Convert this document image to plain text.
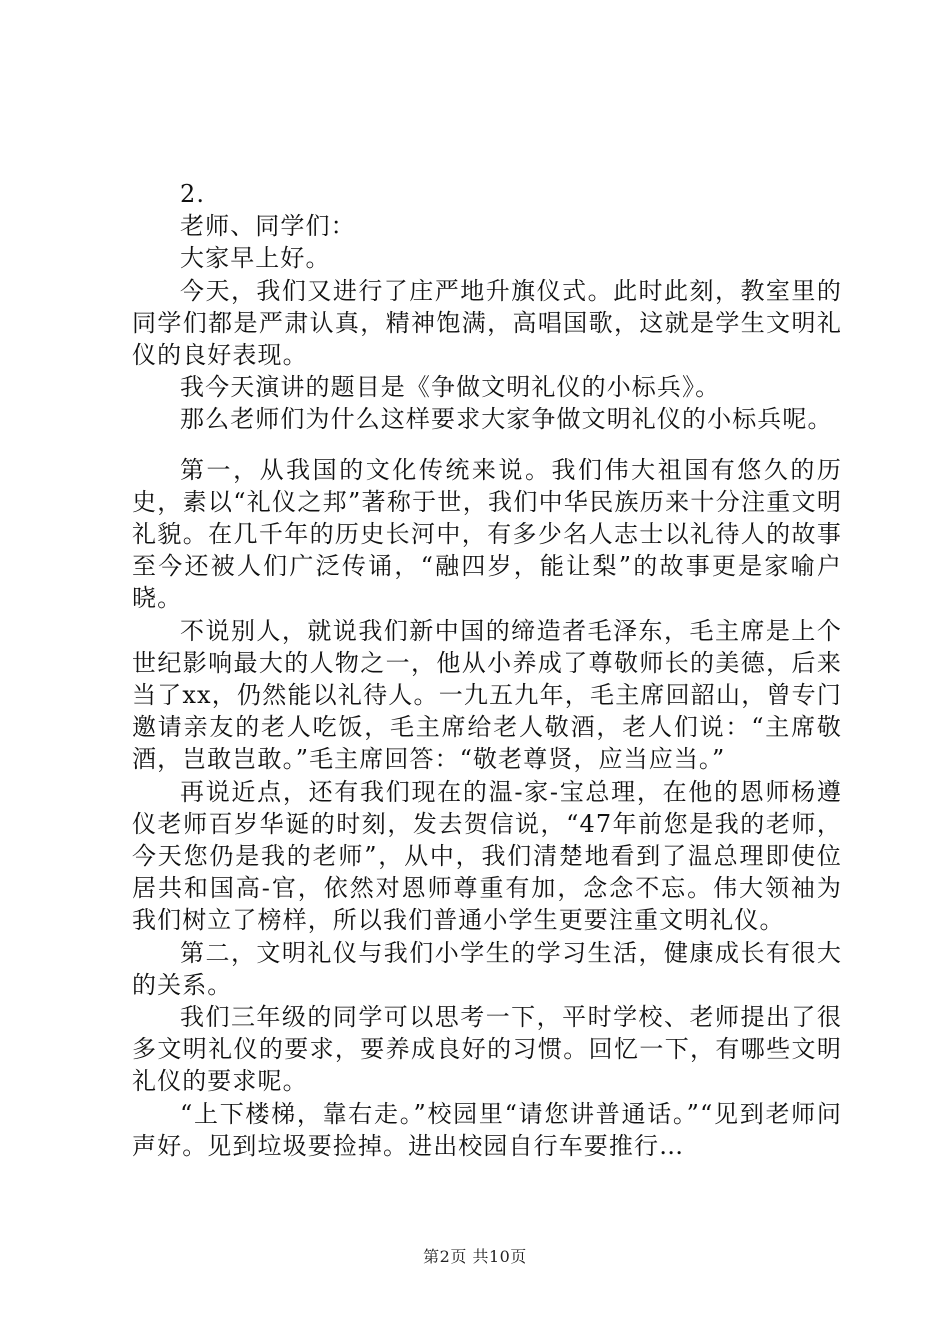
2.

老师、同学们：

大家早上好。

今天，我们又进行了庄严地升旗仪式。此时此刻，教室里的同学们都是严肃认真，精神饱满，高唱国歌，这就是学生文明礼仪的良好表现。

我今天演讲的题目是《争做文明礼仪的小标兵》。

那么老师们为什么这样要求大家争做文明礼仪的小标兵呢。

第一，从我国的文化传统来说。我们伟大祖国有悠久的历史，素以“礼仪之邦”著称于世，我们中华民族历来十分注重文明礼貌。在几千年的历史长河中，有多少名人志士以礼待人的故事至今还被人们广泛传诵，“融四岁，能让梨”的故事更是家喻户晓。

不说别人，就说我们新中国的缔造者毛泽东，毛主席是上个世纪影响最大的人物之一，他从小养成了尊敬师长的美德，后来当了xx，仍然能以礼待人。一九五九年，毛主席回韶山，曾专门邀请亲友的老人吃饭，毛主席给老人敬酒，老人们说：“主席敬酒，岂敢岂敢。”毛主席回答：“敬老尊贤，应当应当。”

再说近点，还有我们现在的温-家-宝总理，在他的恩师杨遵仪老师百岁华诞的时刻，发去贺信说，“47年前您是我的老师，今天您仍是我的老师”，从中，我们清楚地看到了温总理即使位居共和国高-官，依然对恩师尊重有加，念念不忘。伟大领袖为我们树立了榜样，所以我们普通小学生更要注重文明礼仪。

第二，文明礼仪与我们小学生的学习生活，健康成长有很大的关系。

我们三年级的同学可以思考一下，平时学校、老师提出了很多文明礼仪的要求，要养成良好的习惯。回忆一下，有哪些文明礼仪的要求呢。

“上下楼梯，靠右走。”校园里“请您讲普通话。”“见到老师问声好。见到垃圾要捡掉。进出校园自行车要推行…

第2页 共10页
